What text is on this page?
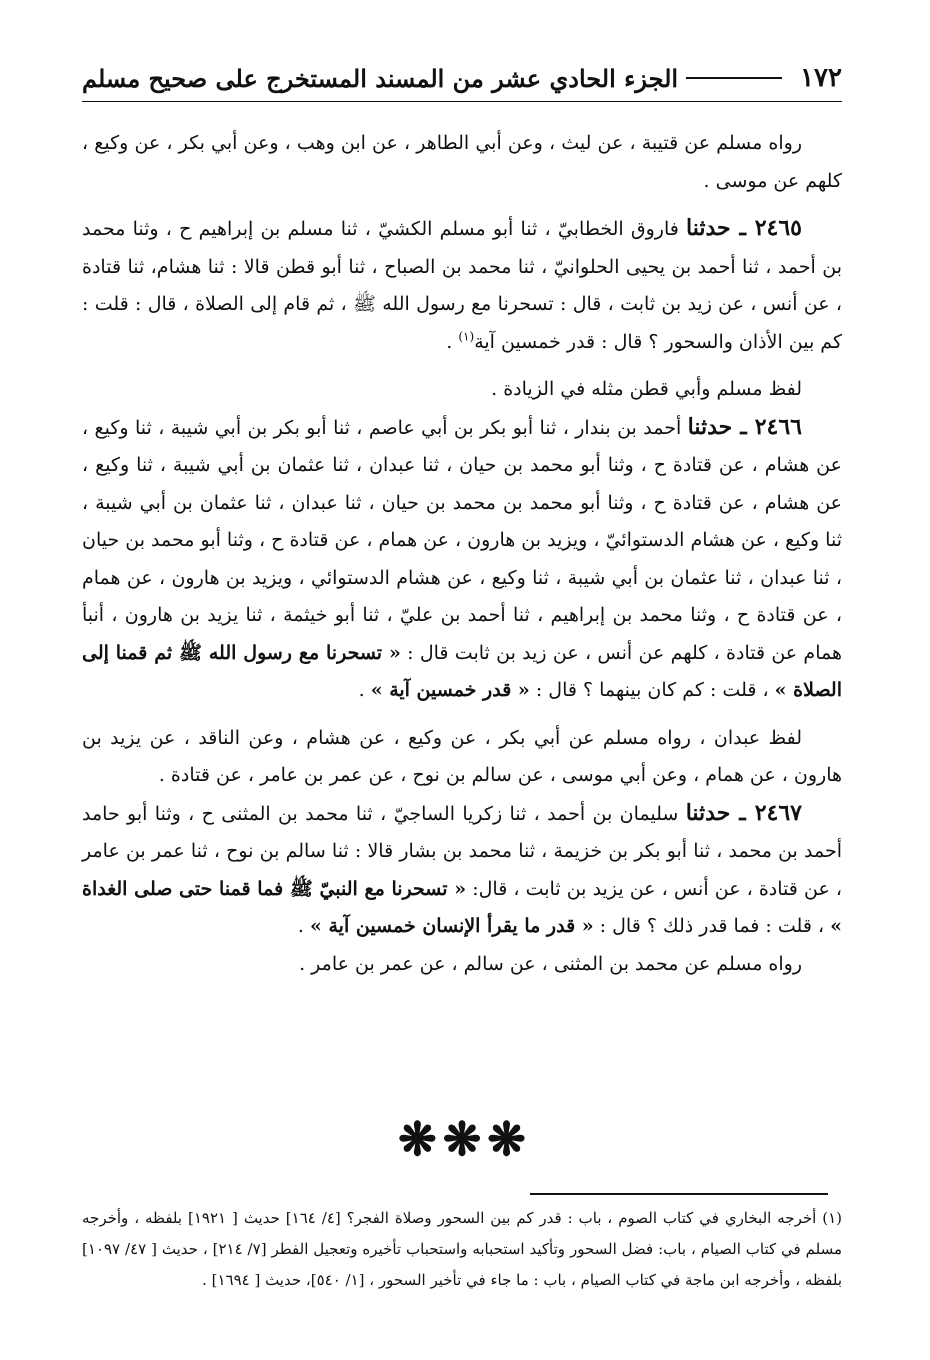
١٧٢
الجزء الحادي عشر من المسند المستخرج على صحيح مسلم

رواه مسلم عن قتيبة ، عن ليث ، وعن أبي الطاهر ، عن ابن وهب ، وعن أبي بكر ، عن وكيع ، كلهم عن موسى .

٢٤٦٥ ـ حدثنا فاروق الخطابيّ ، ثنا أبو مسلم الكشيّ ، ثنا مسلم بن إبراهيم ح ، وثنا محمد بن أحمد ، ثنا أحمد بن يحيى الحلوانيّ ، ثنا محمد بن الصباح ، ثنا أبو قطن قالا : ثنا هشام، ثنا قتادة ، عن أنس ، عن زيد بن ثابت ، قال : تسحرنا مع رسول الله ﷺ ، ثم قام إلى الصلاة ، قال : قلت : كم بين الأذان والسحور ؟ قال : قدر خمسين آية$^{(١)}$ .

لفظ مسلم وأبي قطن مثله في الزيادة .

٢٤٦٦ ـ حدثنا أحمد بن بندار ، ثنا أبو بكر بن أبي عاصم ، ثنا أبو بكر بن أبي شيبة ، ثنا وكيع ، عن هشام ، عن قتادة ح ، وثنا أبو محمد بن حيان ، ثنا عبدان ، ثنا عثمان بن أبي شيبة ، ثنا وكيع ، عن هشام ، عن قتادة ح ، وثنا أبو محمد بن محمد بن حيان ، ثنا عبدان ، ثنا عثمان بن أبي شيبة ، ثنا وكيع ، عن هشام الدستوائيّ ، ويزيد بن هارون ، عن همام ، عن قتادة ح ، وثنا أبو محمد بن حيان ، ثنا عبدان ، ثنا عثمان بن أبي شيبة ، ثنا وكيع ، عن هشام الدستوائي ، ويزيد بن هارون ، عن همام ، عن قتادة ح ، وثنا محمد بن إبراهيم ، ثنا أحمد بن عليّ ، ثنا أبو خيثمة ، ثنا يزيد بن هارون ، أنبأ همام عن قتادة ، كلهم عن أنس ، عن زيد بن ثابت قال : « تسحرنا مع رسول الله ﷺ ثم قمنا إلى الصلاة » ، قلت : كم كان بينهما ؟ قال : « قدر خمسين آية » .

لفظ عبدان ، رواه مسلم عن أبي بكر ، عن وكيع ، عن هشام ، وعن الناقد ، عن يزيد بن هارون ، عن همام ، وعن أبي موسى ، عن سالم بن نوح ، عن عمر بن عامر ، عن قتادة .

٢٤٦٧ ـ حدثنا سليمان بن أحمد ، ثنا زكريا الساجيّ ، ثنا محمد بن المثنى ح ، وثنا أبو حامد أحمد بن محمد ، ثنا أبو بكر بن خزيمة ، ثنا محمد بن بشار قالا : ثنا سالم بن نوح ، ثنا عمر بن عامر ، عن قتادة ، عن أنس ، عن يزيد بن ثابت ، قال: « تسحرنا مع النبيّ ﷺ فما قمنا حتى صلى الغداة » ، قلت : فما قدر ذلك ؟ قال : « قدر ما يقرأ الإنسان خمسين آية » .

رواه مسلم عن محمد بن المثنى ، عن سالم ، عن عمر بن عامر .

❋❋❋

(١) أخرجه البخاري في كتاب الصوم ، باب : قدر كم بين السحور وصلاة الفجر؟ [٤/ ١٦٤] حديث [ ١٩٢١] بلفظه ، وأخرجه مسلم في كتاب الصيام ، باب: فضل السحور وتأكيد استحبابه واستحباب تأخيره وتعجيل الفطر [٧/ ٢١٤] ، حديث [ ٤٧/ ١٠٩٧] بلفظه ، وأخرجه ابن ماجة في كتاب الصيام ، باب : ما جاء في تأخير السحور ، [١/ ٥٤٠]، حديث [ ١٦٩٤] .
